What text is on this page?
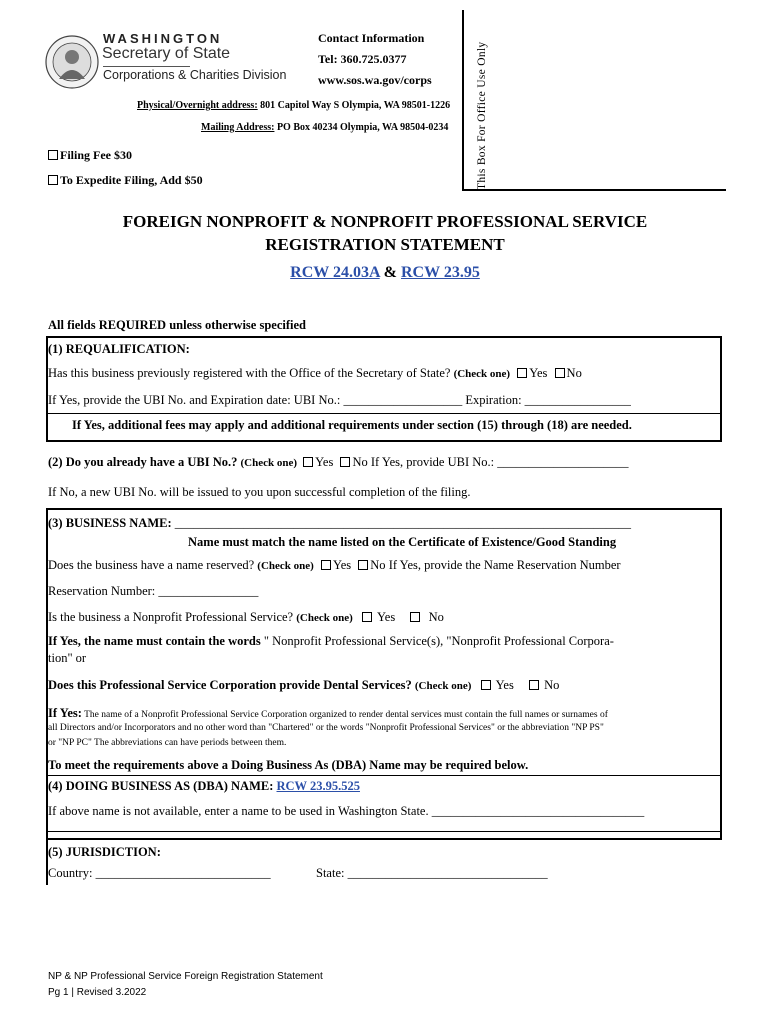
WASHINGTON
Secretary of State
Corporations & Charities Division
Contact Information
Tel: 360.725.0377
www.sos.wa.gov/corps
Physical/Overnight address: 801 Capitol Way S Olympia, WA 98501-1226
Mailing Address: PO Box 40234 Olympia, WA 98504-0234 This Box For Office Use Only
Filing Fee $30
To Expedite Filing, Add $50
FOREIGN NONPROFIT & NONPROFIT PROFESSIONAL SERVICE
REGISTRATION STATEMENT
RCW 24.03A & RCW 23.95
All fields REQUIRED unless otherwise specified
(1) REQUALIFICATION:
Has this business previously registered with the Office of the Secretary of State? (Check one) Yes No
If Yes, provide the UBI No. and Expiration date: UBI No.: ___________________ Expiration: _________________
If Yes, additional fees may apply and additional requirements under section (15) through (18) are needed.
(2) Do you already have a UBI No.? (Check one) Yes No If Yes, provide UBI No.: _____________________
If No, a new UBI No. will be issued to you upon successful completion of the filing.
(3) BUSINESS NAME: _________________________________________________________________________
Name must match the name listed on the Certificate of Existence/Good Standing
Does the business have a name reserved? (Check one) Yes No If Yes, provide the Name Reservation Number
Reservation Number: ________________
Is the business a Nonprofit Professional Service? (Check one) Yes	No
If Yes, the name must contain the words " Nonprofit Professional Service(s), "Nonprofit Professional Corpora-
tion" or
Does this Professional Service Corporation provide Dental Services? (Check one) Yes No
If Yes: The name of a Nonprofit Professional Service Corporation organized to render dental services must contain the full names or surnames of
all Directors and/or Incorporators and no other word than "Chartered" or the words "Nonprofit Professional Services" or the abbreviation "NP PS"
or "NP PC" The abbreviations can have periods between them.
To meet the requirements above a Doing Business As (DBA) Name may be required below.
(4) DOING BUSINESS AS (DBA) NAME: RCW 23.95.525
If above name is not available, enter a name to be used in Washington State. __________________________________
(5) JURISDICTION:
Country: ____________________________	State: ________________________________
NP & NP Professional Service Foreign Registration Statement
Pg 1 | Revised 3.2022
